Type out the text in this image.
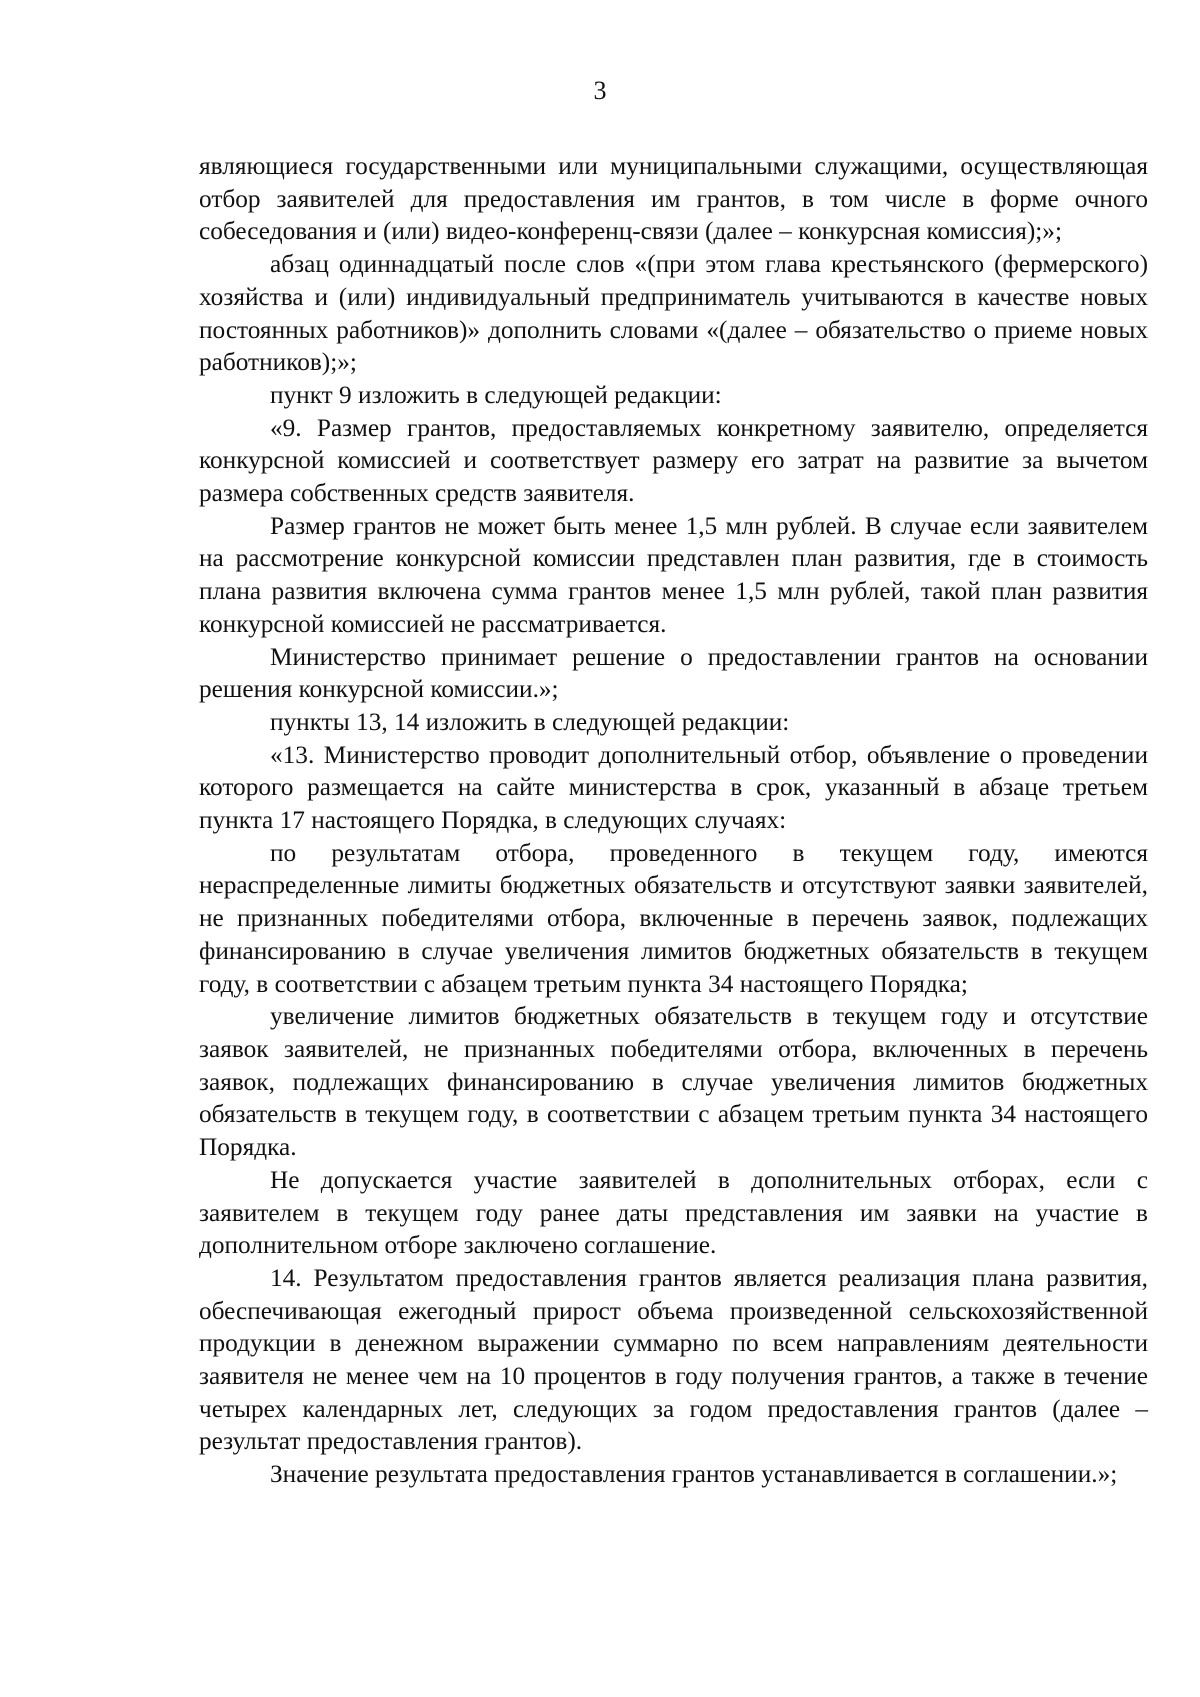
3

являющиеся государственными или муниципальными служащими, осуществляющая отбор заявителей для предоставления им грантов, в том числе в форме очного собеседования и (или) видео-конференц-связи (далее – конкурсная комиссия);»;

абзац одиннадцатый после слов «(при этом глава крестьянского (фермерского) хозяйства и (или) индивидуальный предприниматель учитываются в качестве новых постоянных работников)» дополнить словами «(далее – обязательство о приеме новых работников);»;

пункт 9 изложить в следующей редакции:

«9. Размер грантов, предоставляемых конкретному заявителю, определяется конкурсной комиссией и соответствует размеру его затрат на развитие за вычетом размера собственных средств заявителя.

Размер грантов не может быть менее 1,5 млн рублей. В случае если заявителем на рассмотрение конкурсной комиссии представлен план развития, где в стоимость плана развития включена сумма грантов менее 1,5 млн рублей, такой план развития конкурсной комиссией не рассматривается.

Министерство принимает решение о предоставлении грантов на основании решения конкурсной комиссии.»;

пункты 13, 14 изложить в следующей редакции:

«13. Министерство проводит дополнительный отбор, объявление о проведении которого размещается на сайте министерства в срок, указанный в абзаце третьем пункта 17 настоящего Порядка, в следующих случаях:

по результатам отбора, проведенного в текущем году, имеются нераспределенные лимиты бюджетных обязательств и отсутствуют заявки заявителей, не признанных победителями отбора, включенные в перечень заявок, подлежащих финансированию в случае увеличения лимитов бюджетных обязательств в текущем году, в соответствии с абзацем третьим пункта 34 настоящего Порядка;

увеличение лимитов бюджетных обязательств в текущем году и отсутствие заявок заявителей, не признанных победителями отбора, включенных в перечень заявок, подлежащих финансированию в случае увеличения лимитов бюджетных обязательств в текущем году, в соответствии с абзацем третьим пункта 34 настоящего Порядка.

Не допускается участие заявителей в дополнительных отборах, если с заявителем в текущем году ранее даты представления им заявки на участие в дополнительном отборе заключено соглашение.

14. Результатом предоставления грантов является реализация плана развития, обеспечивающая ежегодный прирост объема произведенной сельскохозяйственной продукции в денежном выражении суммарно по всем направлениям деятельности заявителя не менее чем на 10 процентов в году получения грантов, а также в течение четырех календарных лет, следующих за годом предоставления грантов (далее – результат предоставления грантов).

Значение результата предоставления грантов устанавливается в соглашении.»;
